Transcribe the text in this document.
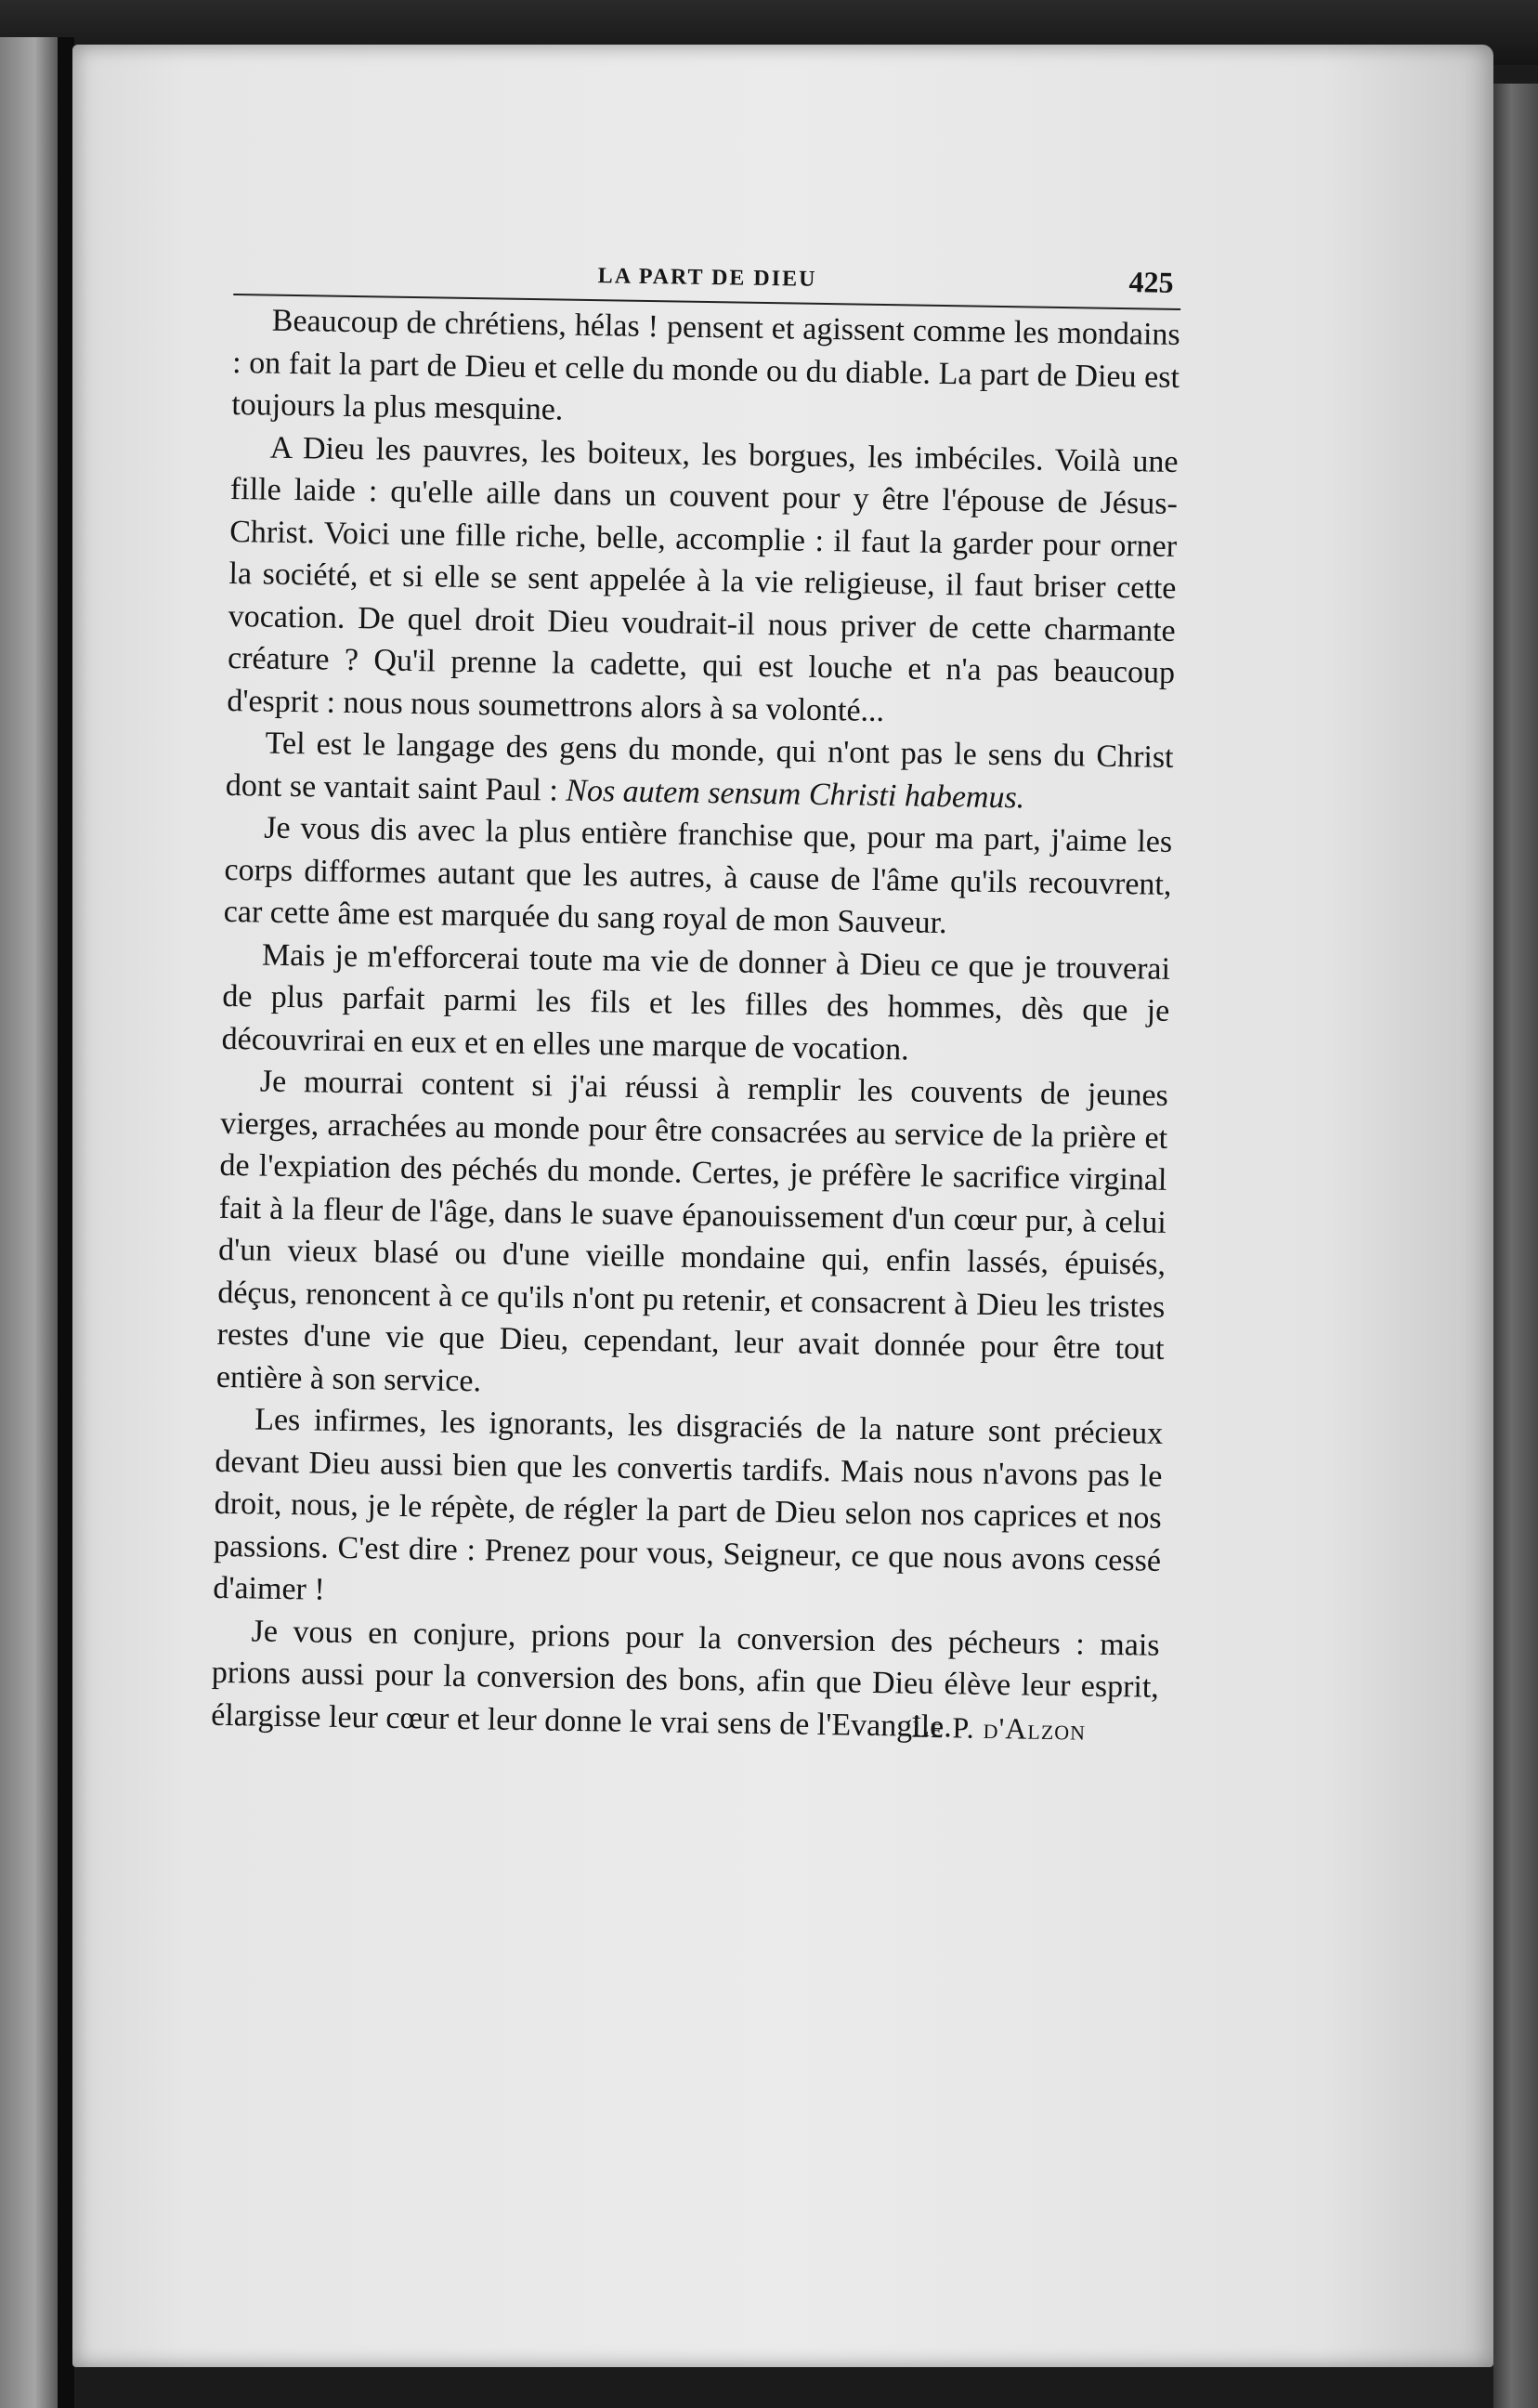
LA PART DE DIEU	425

Beaucoup de chrétiens, hélas ! pensent et agissent comme les mondains : on fait la part de Dieu et celle du monde ou du diable. La part de Dieu est toujours la plus mesquine.

A Dieu les pauvres, les boiteux, les borgues, les imbéciles. Voilà une fille laide : qu'elle aille dans un couvent pour y être l'épouse de Jésus-Christ. Voici une fille riche, belle, accomplie : il faut la garder pour orner la société, et si elle se sent appelée à la vie religieuse, il faut briser cette vocation. De quel droit Dieu voudrait-il nous priver de cette charmante créature ? Qu'il prenne la cadette, qui est louche et n'a pas beaucoup d'esprit : nous nous soumettrons alors à sa volonté...

Tel est le langage des gens du monde, qui n'ont pas le sens du Christ dont se vantait saint Paul : Nos autem sensum Christi habemus.

Je vous dis avec la plus entière franchise que, pour ma part, j'aime les corps difformes autant que les autres, à cause de l'âme qu'ils recouvrent, car cette âme est marquée du sang royal de mon Sauveur.

Mais je m'efforcerai toute ma vie de donner à Dieu ce que je trouverai de plus parfait parmi les fils et les filles des hommes, dès que je découvrirai en eux et en elles une marque de vocation.

Je mourrai content si j'ai réussi à remplir les couvents de jeunes vierges, arrachées au monde pour être consacrées au service de la prière et de l'expiation des péchés du monde. Certes, je préfère le sacrifice virginal fait à la fleur de l'âge, dans le suave épanouissement d'un cœur pur, à celui d'un vieux blasé ou d'une vieille mondaine qui, enfin lassés, épuisés, déçus, renoncent à ce qu'ils n'ont pu retenir, et consacrent à Dieu les tristes restes d'une vie que Dieu, cependant, leur avait donnée pour être tout entière à son service.

Les infirmes, les ignorants, les disgraciés de la nature sont précieux devant Dieu aussi bien que les convertis tardifs. Mais nous n'avons pas le droit, nous, je le répète, de régler la part de Dieu selon nos caprices et nos passions. C'est dire : Prenez pour vous, Seigneur, ce que nous avons cessé d'aimer !

Je vous en conjure, prions pour la conversion des pécheurs : mais prions aussi pour la conversion des bons, afin que Dieu élève leur esprit, élargisse leur cœur et leur donne le vrai sens de l'Evangile.

Le P. d'Alzon
